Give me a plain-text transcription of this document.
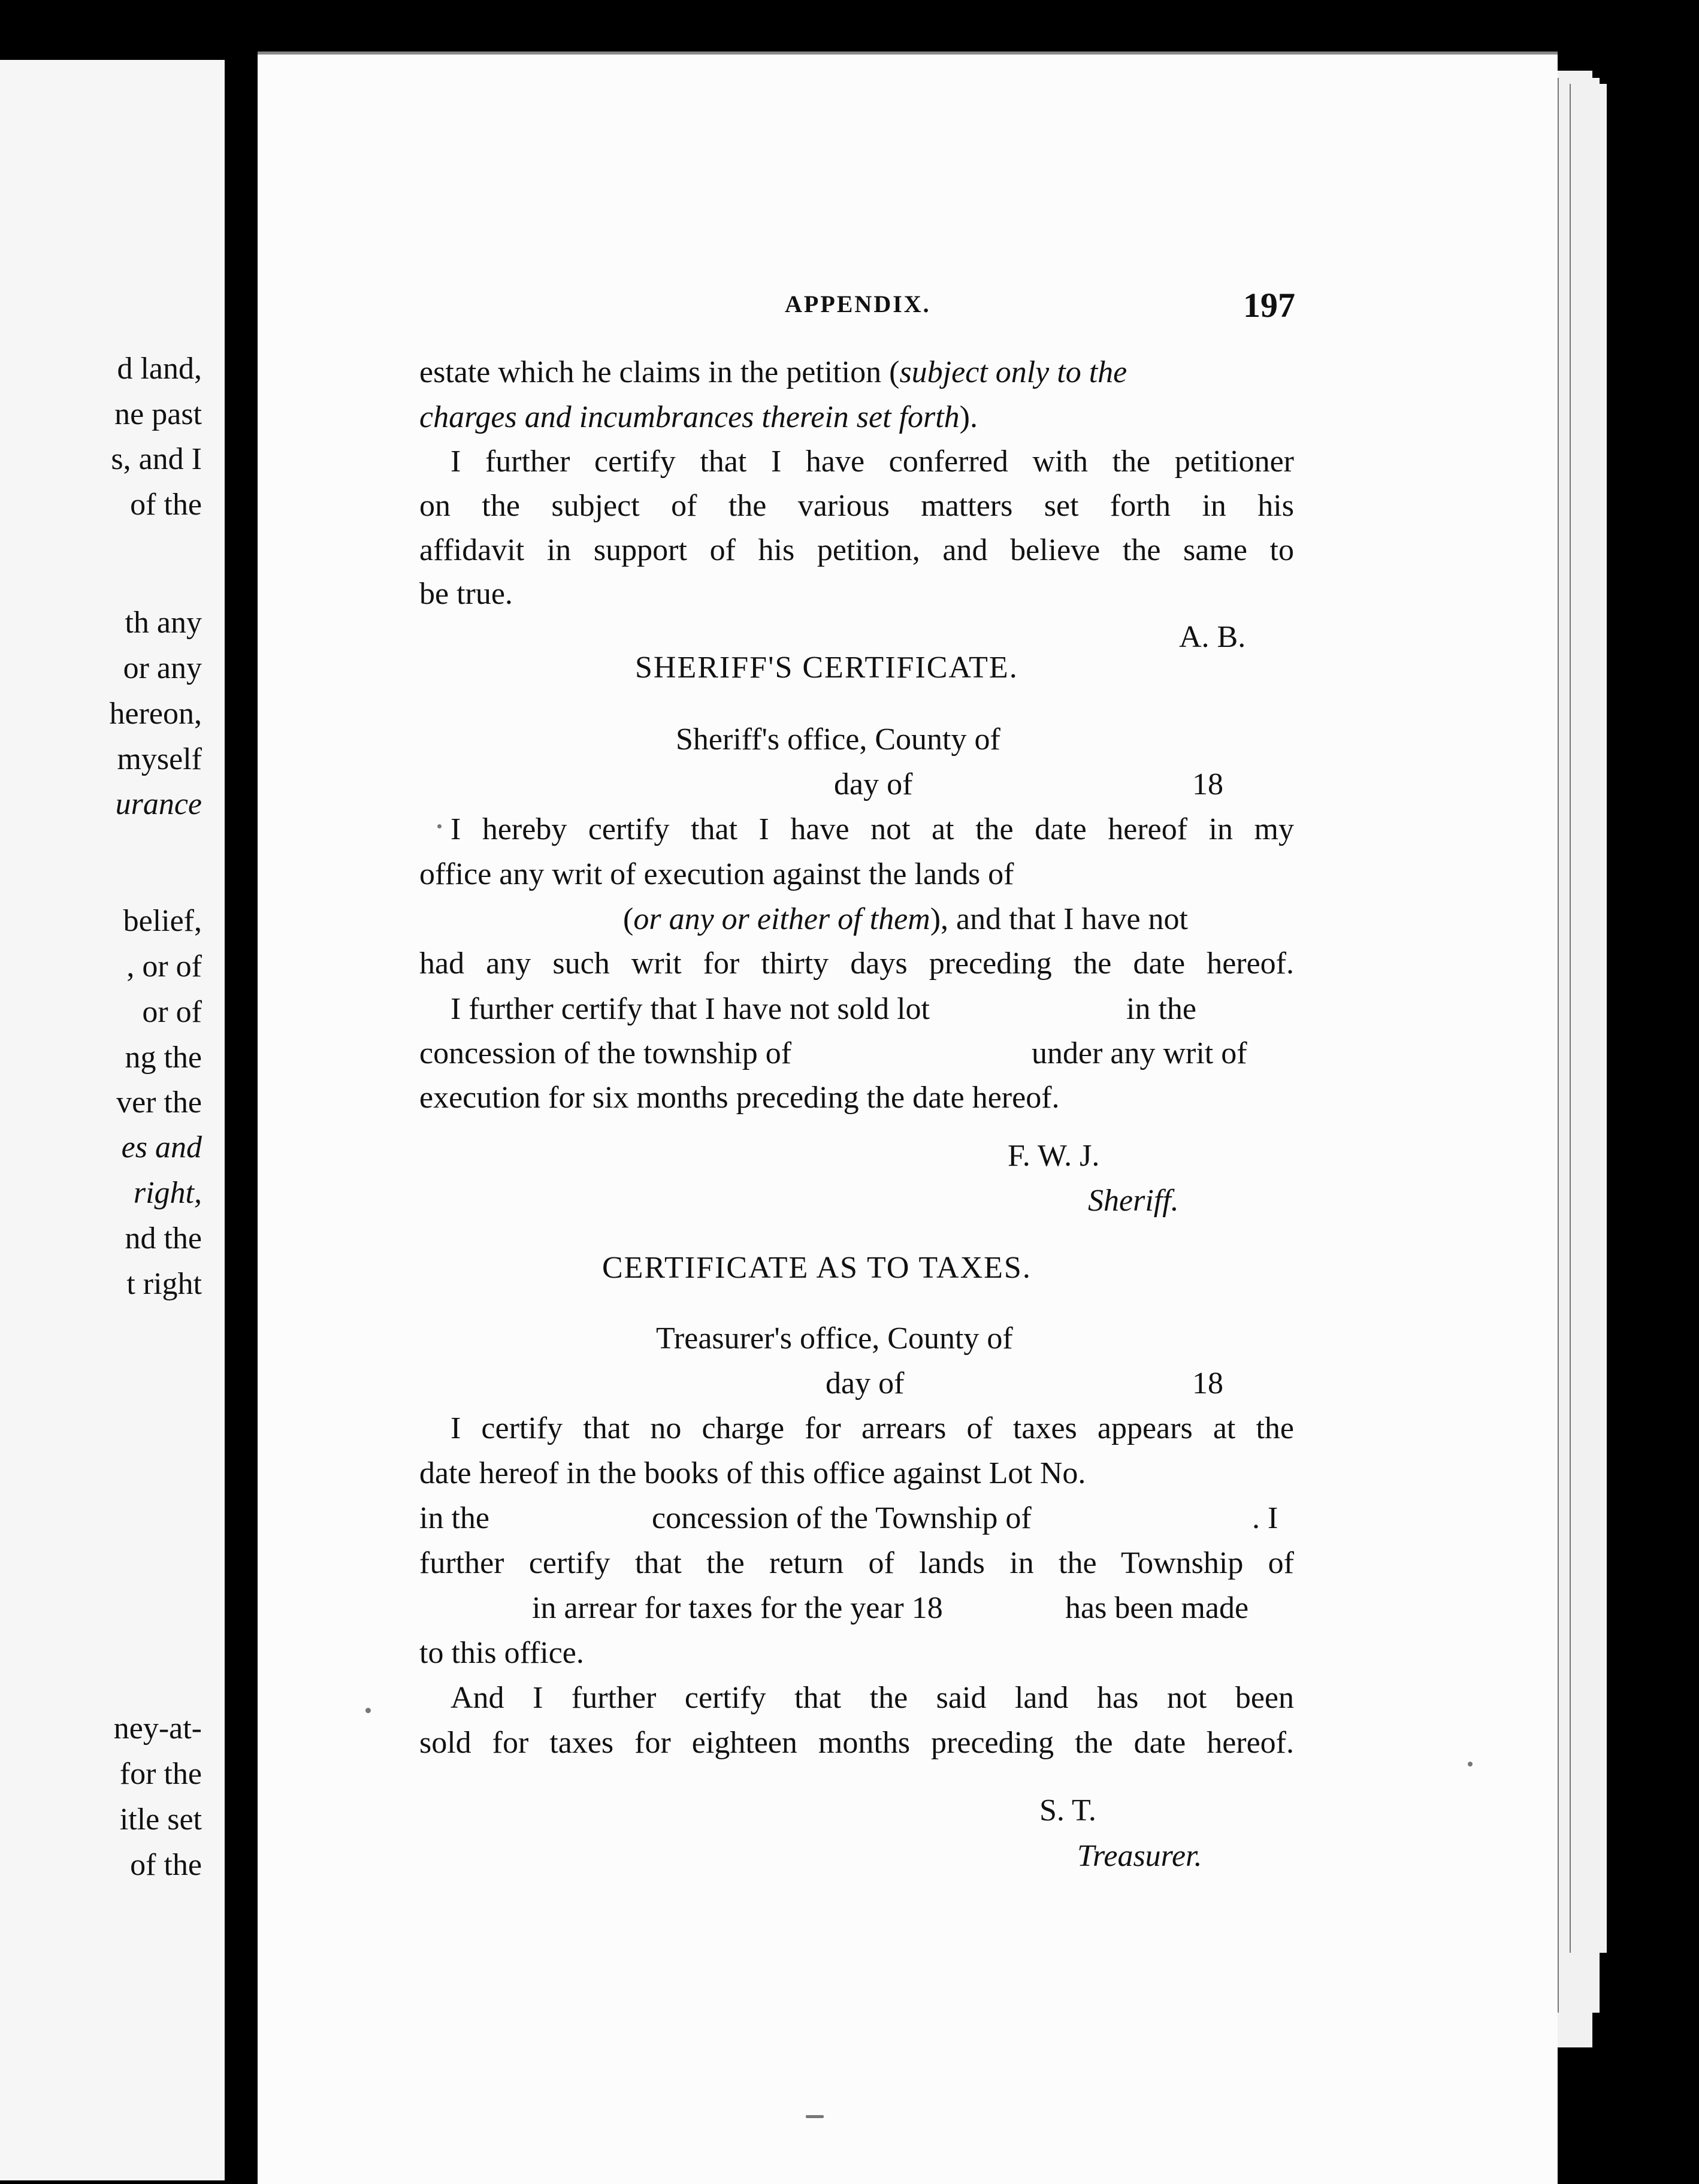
d land,
ne past
s, and I
of the
th any
or any
hereon,
myself
urance
belief,
, or of
or of
ng the
ver the
es and
right,
nd the
t right
ney-at-
for the
itle set
of the
APPENDIX.	197
estate which he claims in the petition (subject only to the
charges and incumbrances therein set forth).
I further certify that I have conferred with the petitioner
on the subject of the various matters set forth in his
affidavit in support of his petition, and believe the same to
be true.
A. B.
SHERIFF'S CERTIFICATE.
Sheriff's office, County of
day of	18
I hereby certify that I have not at the date hereof in my
office any writ of execution against the lands of
(or any or either of them), and that I have not
had any such writ for thirty days preceding the date hereof.
I further certify that I have not sold lot	in the
concession of the township of	under any writ of
execution for six months preceding the date hereof.
F. W. J.
Sheriff.
CERTIFICATE AS TO TAXES.
Treasurer's office, County of
day of	18
I certify that no charge for arrears of taxes appears at the
date hereof in the books of this office against Lot No.
in the	concession of the Township of	. I
further certify that the return of lands in the Township of
in arrear for taxes for the year 18	has been made
to this office.
And I further certify that the said land has not been
sold for taxes for eighteen months preceding the date hereof.
S. T.
Treasurer.
